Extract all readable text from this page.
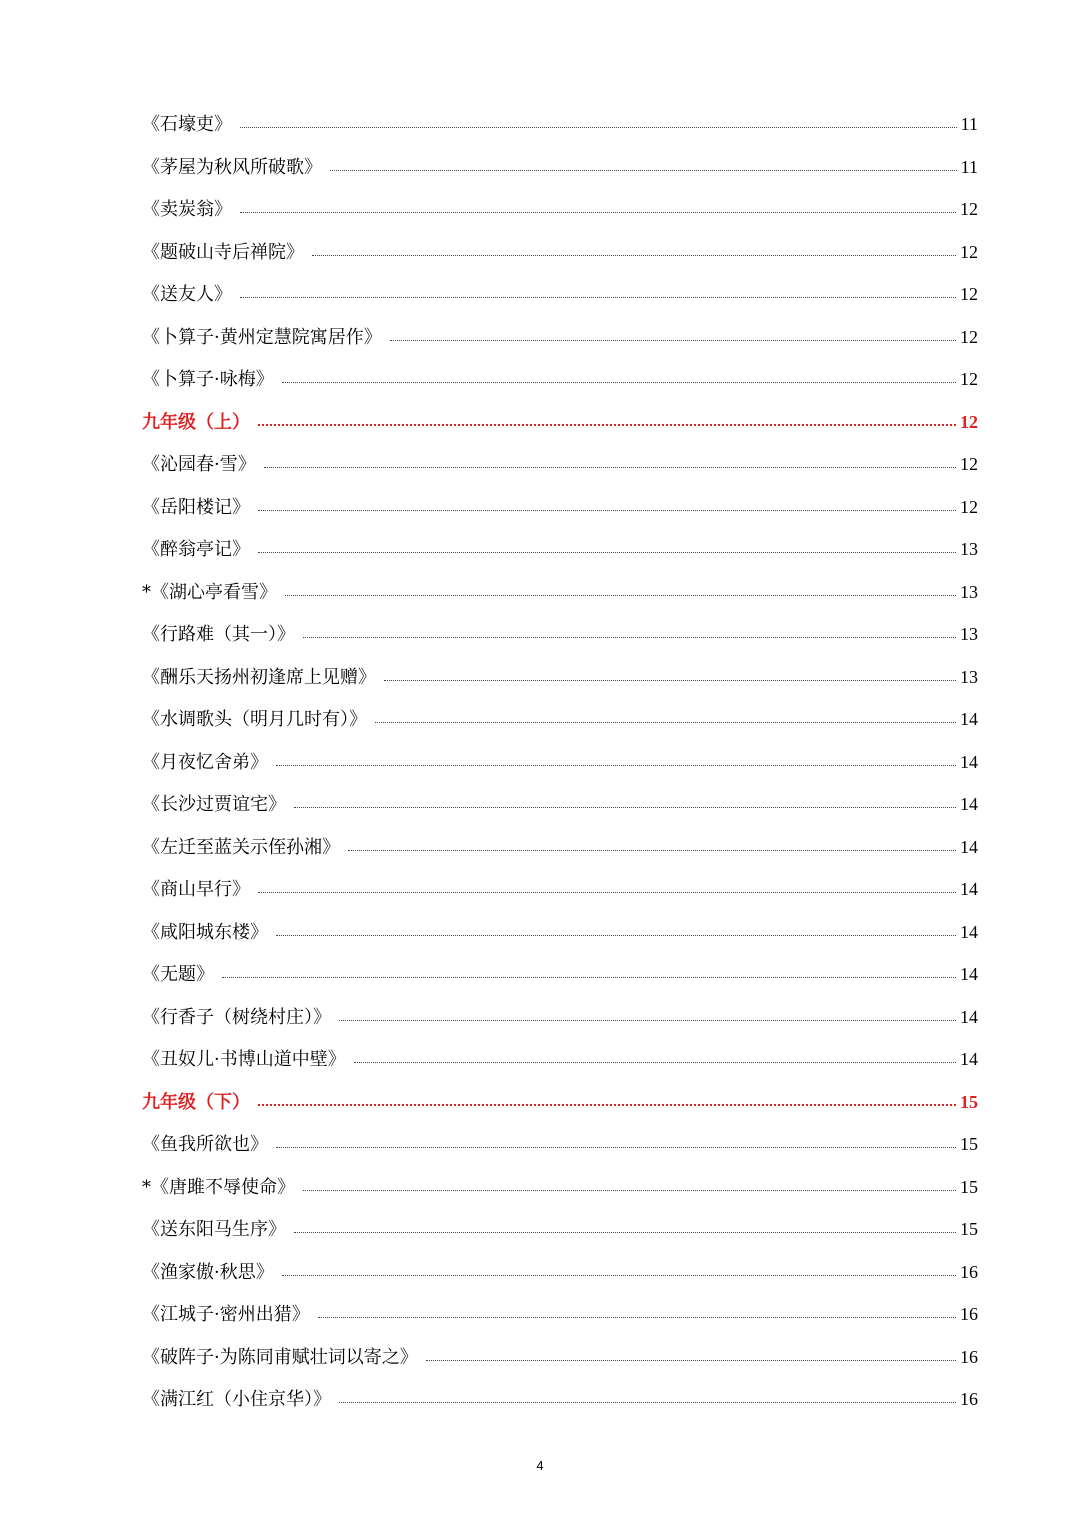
《石壕吏》	11
《茅屋为秋风所破歌》	11
《卖炭翁》	12
《题破山寺后禅院》	12
《送友人》	12
《卜算子·黄州定慧院寓居作》	12
《卜算子·咏梅》	12
九年级（上）	12
《沁园春·雪》	12
《岳阳楼记》	12
《醉翁亭记》	13
*《湖心亭看雪》	13
《行路难（其一）》	13
《酬乐天扬州初逢席上见赠》	13
《水调歌头（明月几时有）》	14
《月夜忆舍弟》	14
《长沙过贾谊宅》	14
《左迁至蓝关示侄孙湘》	14
《商山早行》	14
《咸阳城东楼》	14
《无题》	14
《行香子（树绕村庄）》	14
《丑奴儿·书博山道中壁》	14
九年级（下）	15
《鱼我所欲也》	15
*《唐雎不辱使命》	15
《送东阳马生序》	15
《渔家傲·秋思》	16
《江城子·密州出猎》	16
《破阵子·为陈同甫赋壮词以寄之》	16
《满江红（小住京华）》	16
4
